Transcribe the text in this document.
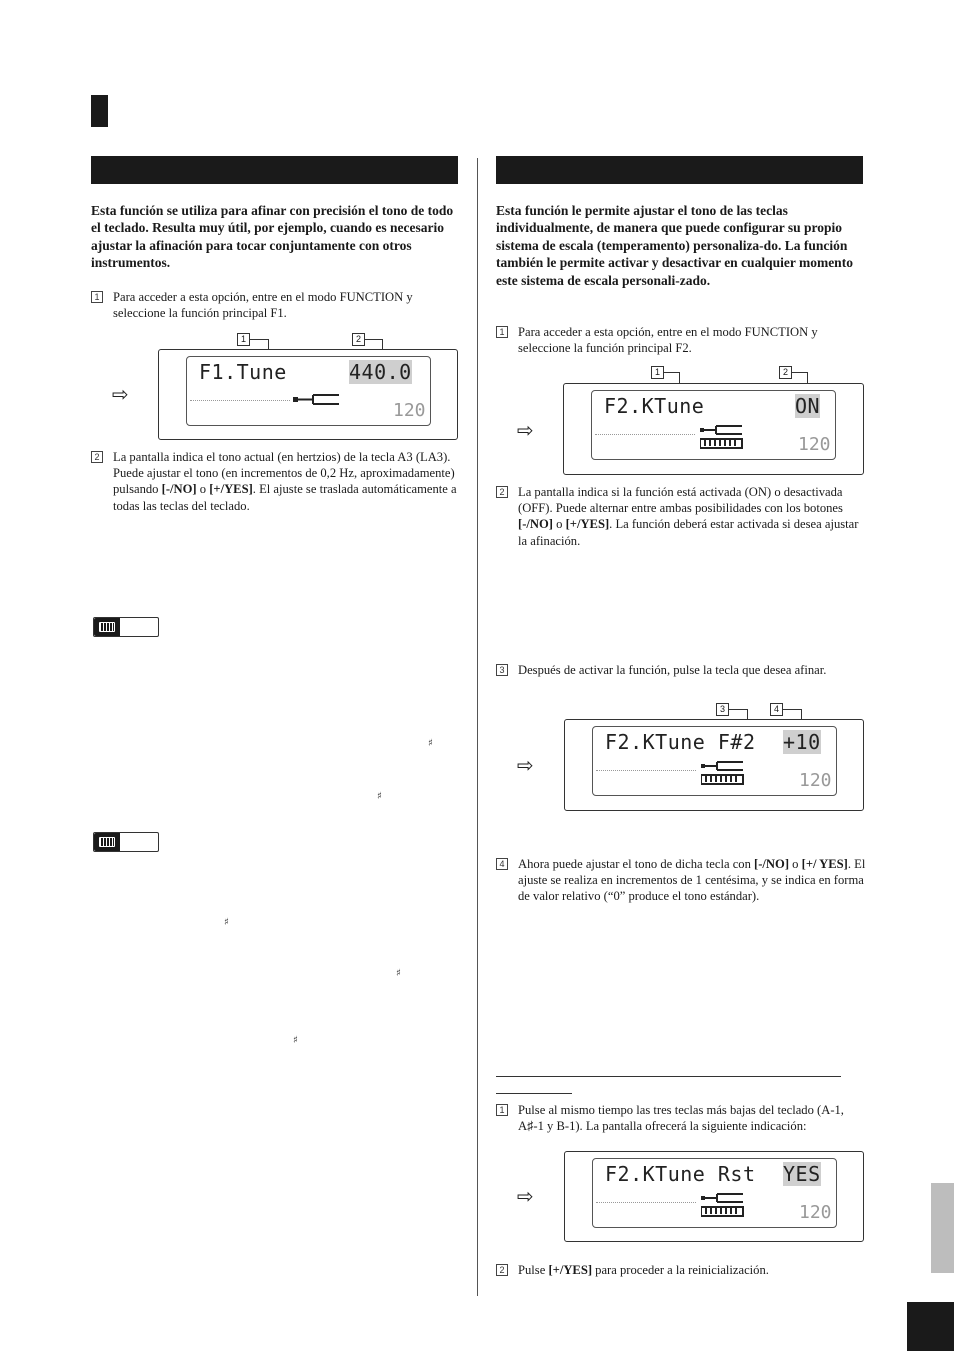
Esta función se utiliza para afinar con precisión el tono de todo el teclado. Resulta muy útil, por ejemplo, cuando es necesario ajustar la afinación para tocar conjuntamente con otros instrumentos.
1 Para acceder a esta opción, entre en el modo FUNCTION y seleccione la función principal F1.
1	2
⇨
F1.Tune	440.0
120
2 La pantalla indica el tono actual (en hertzios) de la tecla A3 (LA3). Puede ajustar el tono (en incrementos de 0,2 Hz, aproximadamente) pulsando [-/NO] o [+/YES]. El ajuste se traslada automáticamente a todas las teclas del teclado.
♯
♯
♯
♯
♯
Esta función le permite ajustar el tono de las teclas individualmente, de manera que puede configurar su propio sistema de escala (temperamento) personaliza-do. La función también le permite activar y desactivar en cualquier momento este sistema de escala personali-zado.
1 Para acceder a esta opción, entre en el modo FUNCTION y seleccione la función principal F2.
1	2
⇨
F2.KTune	ON
120
2 La pantalla indica si la función está activada (ON) o desactivada (OFF). Puede alternar entre ambas posibilidades con los botones [-/NO] o [+/YES]. La función deberá estar activada si desea ajustar la afinación.
3 Después de activar la función, pulse la tecla que desea afinar.
3	4
⇨
F2.KTune F#2 +10
120
4 Ahora puede ajustar el tono de dicha tecla con [-/NO] o [+/ YES]. El ajuste se realiza en incrementos de 1 centésima, y se indica en forma de valor relativo (“0” produce el tono estándar).
1 Pulse al mismo tiempo las tres teclas más bajas del teclado (A-1, A♯-1 y B-1). La pantalla ofrecerá la siguiente indicación:
⇨
F2.KTune Rst YES
120
2 Pulse [+/YES] para proceder a la reinicialización.
